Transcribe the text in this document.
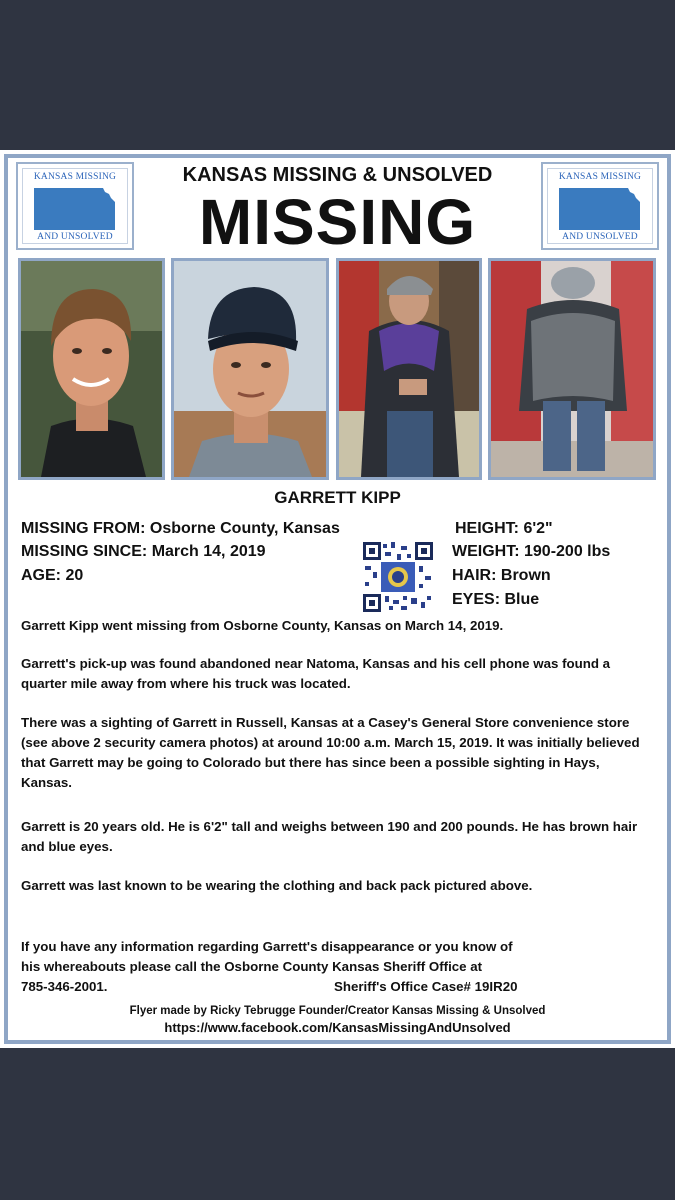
KANSAS MISSING
AND UNSOLVED
KANSAS MISSING
AND UNSOLVED
KANSAS MISSING & UNSOLVED
MISSING
GARRETT KIPP
MISSING FROM: Osborne County, Kansas
MISSING SINCE: March 14, 2019
AGE: 20
HEIGHT: 6'2"
WEIGHT: 190-200 lbs
HAIR: Brown
EYES: Blue

Garrett Kipp went missing from Osborne County, Kansas on March 14, 2019.

Garrett's pick-up was found abandoned near Natoma, Kansas and his cell phone was found a quarter mile away from where his truck was located.

There was a sighting of Garrett in Russell, Kansas at a Casey's General Store convenience store (see above 2 security camera photos) at around 10:00 a.m. March 15, 2019. It was initially believed that Garrett may be going to Colorado but there has since been a possible sighting in Hays, Kansas.

Garrett is 20 years old. He is 6'2" tall and weighs between 190 and 200 pounds. He has brown hair and blue eyes.

Garrett was last known to be wearing the clothing and back pack pictured above.

If you have any information regarding Garrett's disappearance or you know of

his whereabouts please call the Osborne County Kansas Sheriff Office at

785-346-2001.	Sheriff's Office Case# 19IR20

Flyer made by Ricky Tebrugge Founder/Creator Kansas Missing & Unsolved
https://www.facebook.com/KansasMissingAndUnsolved
